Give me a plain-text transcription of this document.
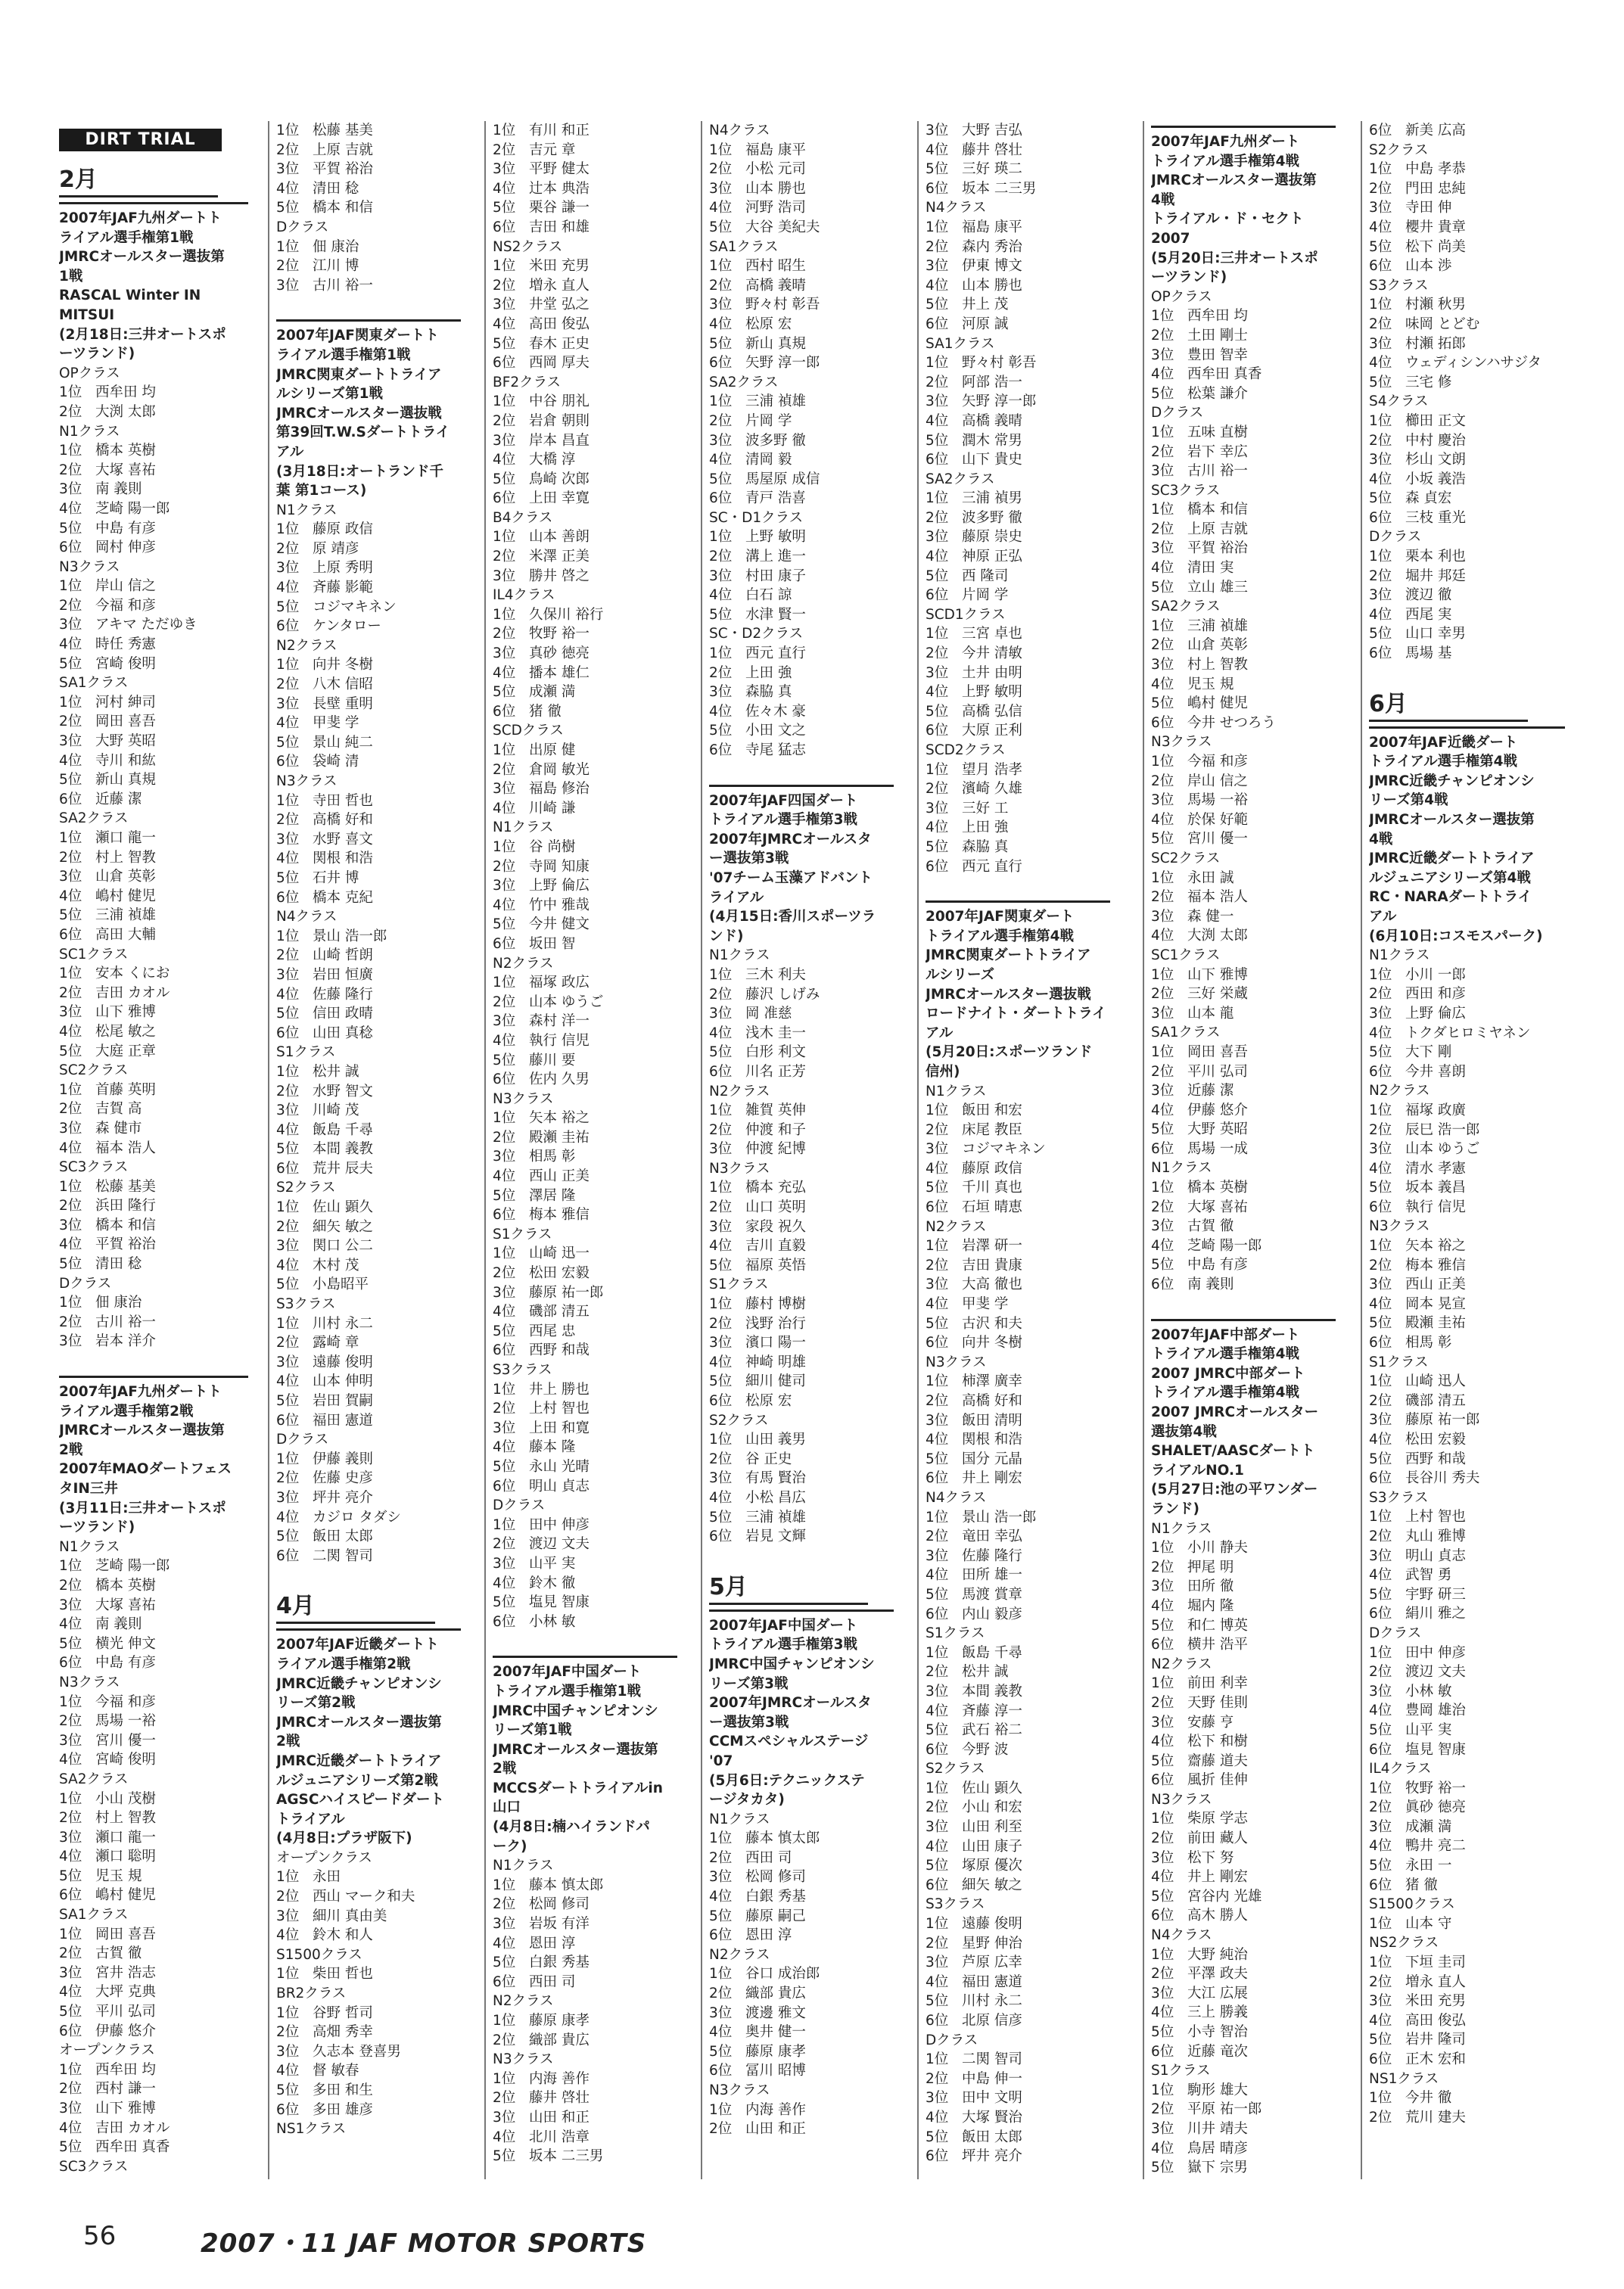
DIRT TRIAL
2月
2007年JAF九州ダートト
ライアル選手権第1戦
JMRCオールスター選抜第
1戦
RASCAL Winter IN
MITSUI
(2月18日:三井オートスポ
ーツランド)
OPクラス
1位 西牟田 均
2位 大渕 太郎
N1クラス
1位 橋本 英樹
2位 大塚 喜祐
3位 南 義則
4位 芝崎 陽一郎
5位 中島 有彦
6位 岡村 伸彦
N3クラス
1位 岸山 信之
2位 今福 和彦
3位 アキマ ただゆき
4位 時任 秀憲
5位 宮崎 俊明
SA1クラス
1位 河村 紳司
2位 岡田 喜吾
3位 大野 英昭
4位 寺川 和紘
5位 新山 真規
6位 近藤 潔
SA2クラス
1位 瀬口 龍一
2位 村上 智教
3位 山倉 英彰
4位 嶋村 健児
5位 三浦 禎雄
6位 高田 大輔
SC1クラス
1位 安本 くにお
2位 吉田 カオル
3位 山下 雅博
4位 松尾 敏之
5位 大庭 正章
SC2クラス
1位 首藤 英明
2位 吉賀 高
3位 森 健市
4位 福本 浩人
SC3クラス
1位 松藤 基美
2位 浜田 隆行
3位 橋本 和信
4位 平賀 裕治
5位 清田 稔
Dクラス
1位 佃 康治
2位 古川 裕一
3位 岩本 洋介
2007年JAF九州ダートト
ライアル選手権第2戦
JMRCオールスター選抜第
2戦
2007年MAOダートフェス
タIN三井
(3月11日:三井オートスポ
ーツランド)
N1クラス
1位 芝崎 陽一郎
2位 橋本 英樹
3位 大塚 喜祐
4位 南 義則
5位 横光 伸文
6位 中島 有彦
N3クラス
1位 今福 和彦
2位 馬場 一裕
3位 宮川 優一
4位 宮崎 俊明
SA2クラス
1位 小山 茂樹
2位 村上 智教
3位 瀬口 龍一
4位 瀬口 聡明
5位 児玉 規
6位 嶋村 健児
SA1クラス
1位 岡田 喜吾
2位 古賀 徹
3位 宮井 浩志
4位 大坪 克典
5位 平川 弘司
6位 伊藤 悠介
オープンクラス
1位 西牟田 均
2位 西村 謙一
3位 山下 雅博
4位 吉田 カオル
5位 西牟田 真香
SC3クラス
1位 松藤 基美
2位 上原 吉就
3位 平賀 裕治
4位 清田 稔
5位 橋本 和信
Dクラス
1位 佃 康治
2位 江川 博
3位 古川 裕一
2007年JAF関東ダートト
ライアル選手権第1戦
JMRC関東ダートトライア
ルシリーズ第1戦
JMRCオールスター選抜戦
第39回T.W.Sダートトライ
アル
(3月18日:オートランド千
葉 第1コース)
N1クラス
1位 藤原 政信
2位 原 靖彦
3位 上原 秀明
4位 斉藤 影範
5位 コジマキネン
6位 ケンタロー
N2クラス
1位 向井 冬樹
2位 八木 信昭
3位 長壁 重明
4位 甲斐 学
5位 景山 純二
6位 袋崎 清
N3クラス
1位 寺田 哲也
2位 高橋 好和
3位 水野 喜文
4位 関根 和浩
5位 石井 博
6位 橋本 克紀
N4クラス
1位 景山 浩一郎
2位 山崎 哲朗
3位 岩田 恒廣
4位 佐藤 隆行
5位 信田 政晴
6位 山田 真稔
S1クラス
1位 松井 誠
2位 水野 智文
3位 川崎 茂
4位 飯島 千尋
5位 本間 義教
6位 荒井 辰夫
S2クラス
1位 佐山 顕久
2位 細矢 敏之
3位 関口 公二
4位 木村 茂
5位 小島昭平
S3クラス
1位 川村 永二
2位 露崎 章
3位 遠藤 俊明
4位 山本 伸明
5位 岩田 賀嗣
6位 福田 憲道
Dクラス
1位 伊藤 義則
2位 佐藤 史彦
3位 坪井 亮介
4位 カジロ タダシ
5位 飯田 太郎
6位 二関 智司
4月
2007年JAF近畿ダートト
ライアル選手権第2戦
JMRC近畿チャンピオンシ
リーズ第2戦
JMRCオールスター選抜第
2戦
JMRC近畿ダートトライア
ルジュニアシリーズ第2戦
AGSCハイスピードダート
トライアル
(4月8日:プラザ阪下)
オープンクラス
1位 永田
2位 西山 マーク和夫
3位 細川 真由美
4位 鈴木 和人
S1500クラス
1位 柴田 哲也
BR2クラス
1位 谷野 哲司
2位 高畑 秀幸
3位 久志本 登喜男
4位 督 敏春
5位 多田 和生
6位 多田 雄彦
NS1クラス
1位 有川 和正
2位 吉元 章
3位 平野 健太
4位 辻本 典浩
5位 栗谷 謙一
6位 吉田 和雄
NS2クラス
1位 米田 充男
2位 増永 直人
3位 井堂 弘之
4位 高田 俊弘
5位 春木 正史
6位 西岡 厚夫
BF2クラス
1位 中谷 朋礼
2位 岩倉 朝則
3位 岸本 昌直
4位 大橋 淳
5位 鳥崎 次郎
6位 上田 幸寛
B4クラス
1位 山本 善朗
2位 米澤 正美
3位 勝井 啓之
IL4クラス
1位 久保川 裕行
2位 牧野 裕一
3位 真砂 徳亮
4位 播本 雄仁
5位 成瀬 満
6位 猪 徹
SCDクラス
1位 出原 健
2位 倉岡 敏光
3位 福島 修治
4位 川崎 謙
N1クラス
1位 谷 尚樹
2位 寺岡 知康
3位 上野 倫広
4位 竹中 雅哉
5位 今井 健文
6位 坂田 智
N2クラス
1位 福塚 政広
2位 山本 ゆうご
3位 森村 洋一
4位 執行 信児
5位 藤川 要
6位 佐内 久男
N3クラス
1位 矢本 裕之
2位 殿瀬 圭祐
3位 相馬 彰
4位 西山 正美
5位 澤居 隆
6位 梅本 雅信
S1クラス
1位 山崎 迅一
2位 松田 宏毅
3位 藤原 祐一郎
4位 磯部 清五
5位 西尾 忠
6位 西野 和哉
S3クラス
1位 井上 勝也
2位 上村 智也
3位 上田 和寛
4位 藤本 隆
5位 永山 光晴
6位 明山 貞志
Dクラス
1位 田中 伸彦
2位 渡辺 文夫
3位 山平 実
4位 鈴木 徹
5位 塩見 智康
6位 小林 敏
2007年JAF中国ダート
トライアル選手権第1戦
JMRC中国チャンピオンシ
リーズ第1戦
JMRCオールスター選抜第
2戦
MCCSダートトライアルin
山口
(4月8日:楠ハイランドパ
ーク)
N1クラス
1位 藤本 慎太郎
2位 松岡 修司
3位 岩坂 有洋
4位 恩田 淳
5位 白銀 秀基
6位 西田 司
N2クラス
1位 藤原 康孝
2位 織部 貴広
N3クラス
1位 内海 善作
2位 藤井 啓壮
3位 山田 和正
4位 北川 浩章
5位 坂本 二三男
N4クラス
1位 福島 康平
2位 小松 元司
3位 山本 勝也
4位 河野 浩司
5位 大谷 美紀夫
SA1クラス
1位 西村 昭生
2位 高橋 義晴
3位 野々村 彰吾
4位 松原 宏
5位 新山 真規
6位 矢野 淳一郎
SA2クラス
1位 三浦 禎雄
2位 片岡 学
3位 波多野 徹
4位 清岡 毅
5位 馬屋原 成信
6位 青戸 浩喜
SC・D1クラス
1位 上野 敏明
2位 溝上 進一
3位 村田 康子
4位 白石 諒
5位 水津 賢一
SC・D2クラス
1位 西元 直行
2位 上田 強
3位 森脇 真
4位 佐々木 豪
5位 小田 文之
6位 寺尾 猛志
2007年JAF四国ダート
トライアル選手権第3戦
2007年JMRCオールスタ
ー選抜第3戦
'07チーム玉藻アドバント
ライアル
(4月15日:香川スポーツラ
ンド)
N1クラス
1位 三木 利夫
2位 藤沢 しげみ
3位 岡 准慈
4位 浅木 圭一
5位 白形 利文
6位 川名 正芳
N2クラス
1位 雑賀 英伸
2位 仲渡 和子
3位 仲渡 紀博
N3クラス
1位 橋本 充弘
2位 山口 英明
3位 家段 祝久
4位 吉川 直毅
5位 福原 英悟
S1クラス
1位 藤村 博樹
2位 浅野 治行
3位 濱口 陽一
4位 神崎 明雄
5位 細川 健司
6位 松原 宏
S2クラス
1位 山田 義男
2位 谷 正史
3位 有馬 賢治
4位 小松 昌広
5位 三浦 禎雄
6位 岩見 文輝
5月
2007年JAF中国ダート
トライアル選手権第3戦
JMRC中国チャンピオンシ
リーズ第3戦
2007年JMRCオールスタ
ー選抜第3戦
CCMスペシャルステージ
'07
(5月6日:テクニックステ
ージタカタ)
N1クラス
1位 藤本 慎太郎
2位 西田 司
3位 松岡 修司
4位 白銀 秀基
5位 藤原 嗣己
6位 恩田 淳
N2クラス
1位 谷口 成治郎
2位 織部 貴広
3位 渡邊 雅文
4位 奥井 健一
5位 藤原 康孝
6位 冨川 昭博
N3クラス
1位 内海 善作
2位 山田 和正
3位 大野 吉弘
4位 藤井 啓壮
5位 三好 瑛二
6位 坂本 二三男
N4クラス
1位 福島 康平
2位 森内 秀治
3位 伊東 博文
4位 山本 勝也
5位 井上 茂
6位 河原 誠
SA1クラス
1位 野々村 彰吾
2位 阿部 浩一
3位 矢野 淳一郎
4位 高橋 義晴
5位 潤木 常男
6位 山下 貴史
SA2クラス
1位 三浦 禎男
2位 波多野 徹
3位 藤原 崇史
4位 神原 正弘
5位 西 隆司
6位 片岡 学
SCD1クラス
1位 三宮 卓也
2位 今井 清敏
3位 土井 由明
4位 上野 敏明
5位 高橋 弘信
6位 大原 正利
SCD2クラス
1位 望月 浩孝
2位 濱崎 久雄
3位 三好 工
4位 上田 強
5位 森脇 真
6位 西元 直行
2007年JAF関東ダート
トライアル選手権第4戦
JMRC関東ダートトライア
ルシリーズ
JMRCオールスター選抜戦
ロードナイト・ダートトライ
アル
(5月20日:スポーツランド
信州)
N1クラス
1位 飯田 和宏
2位 床尾 教臣
3位 コジマキネン
4位 藤原 政信
5位 千川 真也
6位 石垣 晴恵
N2クラス
1位 岩澤 研一
2位 吉田 貴康
3位 大高 徹也
4位 甲斐 学
5位 古沢 和夫
6位 向井 冬樹
N3クラス
1位 柿澤 廣幸
2位 高橋 好和
3位 飯田 清明
4位 関根 和浩
5位 国分 元晶
6位 井上 剛宏
N4クラス
1位 景山 浩一郎
2位 竜田 幸弘
3位 佐藤 隆行
4位 田所 雄一
5位 馬渡 賞章
6位 内山 毅彦
S1クラス
1位 飯島 千尋
2位 松井 誠
3位 本間 義教
4位 斉藤 淳一
5位 武石 裕二
6位 今野 波
S2クラス
1位 佐山 顕久
2位 小山 和宏
3位 山田 利至
4位 山田 康子
5位 塚原 優次
6位 細矢 敏之
S3クラス
1位 遠藤 俊明
2位 星野 伸治
3位 芦原 広幸
4位 福田 憲道
5位 川村 永二
6位 北原 信彦
Dクラス
1位 二関 智司
2位 中島 伸一
3位 田中 文明
4位 大塚 賢治
5位 飯田 太郎
6位 坪井 亮介
2007年JAF九州ダート
トライアル選手権第4戦
JMRCオールスター選抜第
4戦
トライアル・ド・セクト
2007
(5月20日:三井オートスポ
ーツランド)
OPクラス
1位 西牟田 均
2位 土田 剛士
3位 豊田 智幸
4位 西牟田 真香
5位 松葉 謙介
Dクラス
1位 五味 直樹
2位 岩下 幸広
3位 古川 裕一
SC3クラス
1位 橋本 和信
2位 上原 吉就
3位 平賀 裕治
4位 清田 実
5位 立山 雄三
SA2クラス
1位 三浦 禎雄
2位 山倉 英彰
3位 村上 智教
4位 児玉 規
5位 嶋村 健児
6位 今井 せつろう
N3クラス
1位 今福 和彦
2位 岸山 信之
3位 馬場 一裕
4位 於保 好範
5位 宮川 優一
SC2クラス
1位 永田 誠
2位 福本 浩人
3位 森 健一
4位 大渕 太郎
SC1クラス
1位 山下 雅博
2位 三好 栄蔵
3位 山本 龍
SA1クラス
1位 岡田 喜吾
2位 平川 弘司
3位 近藤 潔
4位 伊藤 悠介
5位 大野 英昭
6位 馬場 一成
N1クラス
1位 橋本 英樹
2位 大塚 喜祐
3位 古賀 徹
4位 芝崎 陽一郎
5位 中島 有彦
6位 南 義則
2007年JAF中部ダート
トライアル選手権第4戦
2007 JMRC中部ダート
トライアル選手権第4戦
2007 JMRCオールスター
選抜第4戦
SHALET/AASCダートト
ライアルNO.1
(5月27日:池の平ワンダー
ランド)
N1クラス
1位 小川 静夫
2位 押尾 明
3位 田所 徹
4位 堀内 隆
5位 和仁 博英
6位 横井 浩平
N2クラス
1位 前田 利幸
2位 天野 佳則
3位 安藤 亨
4位 松下 和樹
5位 齋藤 道夫
6位 風折 佳伸
N3クラス
1位 柴原 学志
2位 前田 藏人
3位 松下 努
4位 井上 剛宏
5位 宮谷内 光雄
6位 高木 勝人
N4クラス
1位 大野 純治
2位 平澤 政夫
3位 大江 広展
4位 三上 勝義
5位 小寺 智治
6位 近藤 竜次
S1クラス
1位 駒形 雄大
2位 平原 祐一郎
3位 川井 靖夫
4位 鳥居 晴彦
5位 嶽下 宗男
6位 新美 広高
S2クラス
1位 中島 孝恭
2位 門田 忠純
3位 寺田 伸
4位 櫻井 貴章
5位 松下 尚美
6位 山本 渉
S3クラス
1位 村瀬 秋男
2位 味岡 とどむ
3位 村瀬 拓郎
4位 ウェディシンハサジタ
5位 三宅 修
S4クラス
1位 櫛田 正文
2位 中村 慶治
3位 杉山 文朗
4位 小坂 義浩
5位 森 貞宏
6位 三枝 重光
Dクラス
1位 栗本 利也
2位 堀井 邦廷
3位 渡辺 徹
4位 西尾 実
5位 山口 幸男
6位 馬場 基
6月
2007年JAF近畿ダート
トライアル選手権第4戦
JMRC近畿チャンピオンシ
リーズ第4戦
JMRCオールスター選抜第
4戦
JMRC近畿ダートトライア
ルジュニアシリーズ第4戦
RC・NARAダートトライ
アル
(6月10日:コスモスパーク)
N1クラス
1位 小川 一郎
2位 西田 和彦
3位 上野 倫広
4位 トクダヒロミヤネン
5位 大下 剛
6位 今井 喜朗
N2クラス
1位 福塚 政廣
2位 辰巳 浩一郎
3位 山本 ゆうご
4位 清水 孝憲
5位 坂本 義昌
6位 執行 信児
N3クラス
1位 矢本 裕之
2位 梅本 雅信
3位 西山 正美
4位 岡本 晃宣
5位 殿瀬 圭祐
6位 相馬 彰
S1クラス
1位 山崎 迅人
2位 磯部 清五
3位 藤原 祐一郎
4位 松田 宏毅
5位 西野 和哉
6位 長谷川 秀夫
S3クラス
1位 上村 智也
2位 丸山 雅博
3位 明山 貞志
4位 武智 勇
5位 宇野 研三
6位 絹川 雅之
Dクラス
1位 田中 伸彦
2位 渡辺 文夫
3位 小林 敏
4位 豊岡 雄治
5位 山平 実
6位 塩見 智康
IL4クラス
1位 牧野 裕一
2位 眞砂 徳亮
3位 成瀬 満
4位 鴨井 亮二
5位 永田 一
6位 猪 徹
S1500クラス
1位 山本 守
NS2クラス
1位 下垣 圭司
2位 増永 直人
3位 米田 充男
4位 高田 俊弘
5位 岩井 隆司
6位 正木 宏和
NS1クラス
1位 今井 徹
2位 荒川 建夫
56	2007・11 JAF MOTOR SPORTS
